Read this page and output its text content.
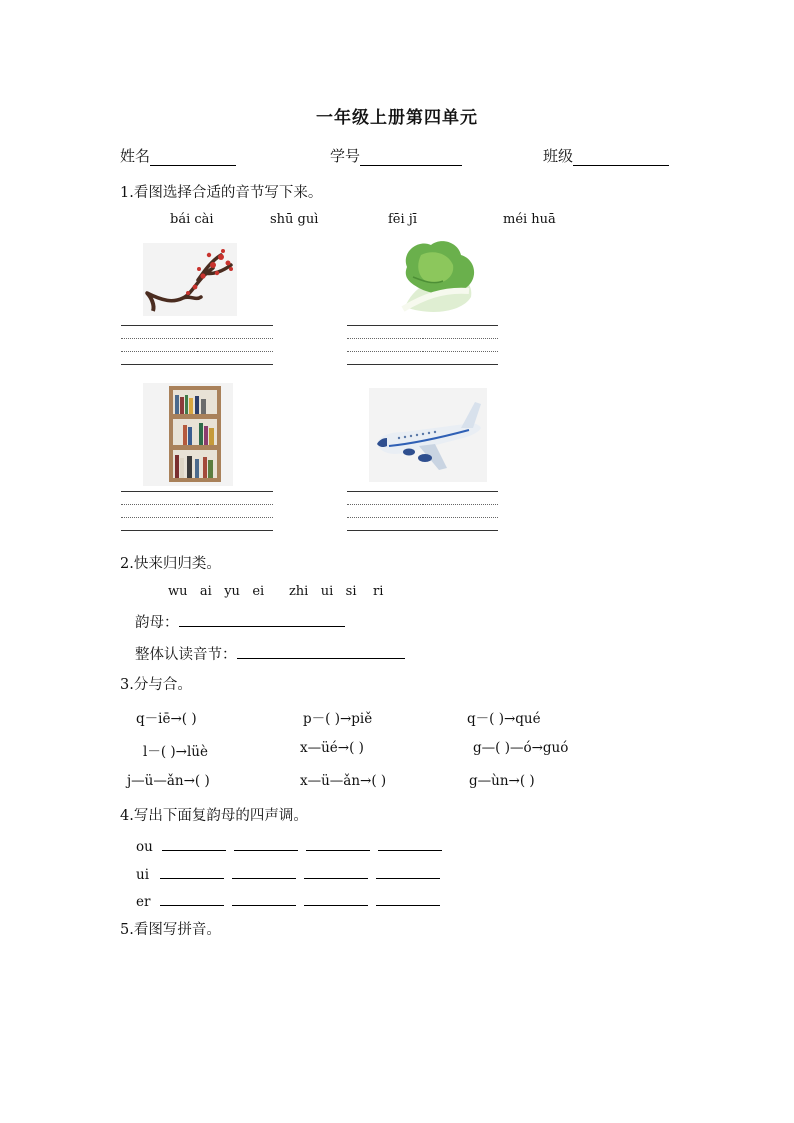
一年级上册第四单元
姓名	学号	班级
1.看图选择合适的音节写下来。
bái cài	shū guì	fēi jī	méi huā
2.快来归归类。
wu   ai   yu   ei      zhi   ui   si    ri
韵母：
整体认读音节：
3.分与合。
q－iē→( )	p－( )→piě	q－( )→qué
l－( )→lüè	x—üé→( )	g—( )—ó→guó
j—ü—ǎn→( )	x—ü—ǎn→( )	g—ùn→( )
4.写出下面复韵母的四声调。
ou
ui
er
5.看图写拼音。
